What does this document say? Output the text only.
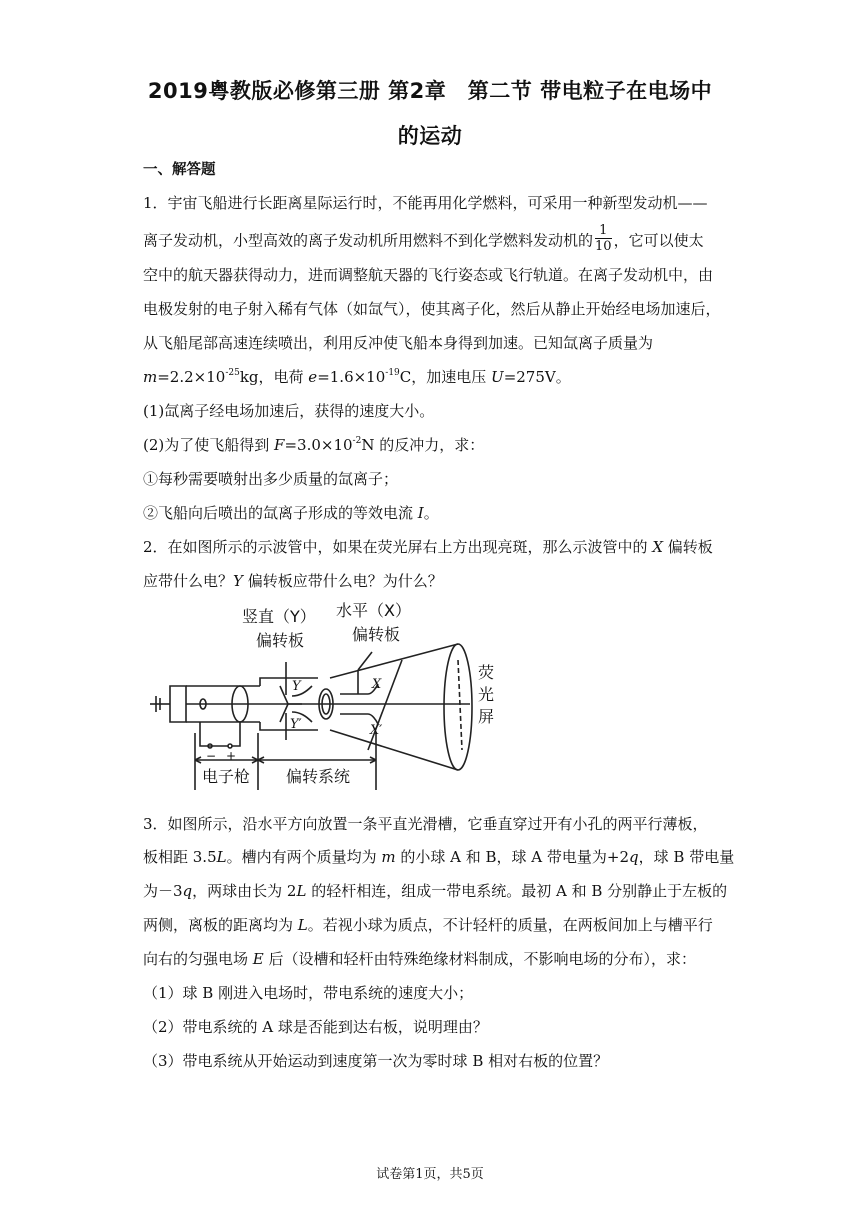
2019粤教版必修第三册 第2章　第二节 带电粒子在电场中
的运动
一、解答题
1．宇宙飞船进行长距离星际运行时，不能再用化学燃料，可采用一种新型发动机——
离子发动机，小型高效的离子发动机所用燃料不到化学燃料发动机的 $\frac{1}{10}$ ，它可以使太
空中的航天器获得动力，进而调整航天器的飞行姿态或飞行轨道。在离子发动机中，由
电极发射的电子射入稀有气体（如氙气），使其离子化，然后从静止开始经电场加速后，
从飞船尾部高速连续喷出，利用反冲使飞船本身得到加速。已知氙离子质量为
$m=2.2\times 10^{-25}kg$，电荷 $e=1.6\times 10^{-19}C$，加速电压 U=275V。
(1)氙离子经电场加速后，获得的速度大小。
(2)为了使飞船得到 $F=3.0\times 10^{-2}N$ 的反冲力，求：
①每秒需要喷射出多少质量的氙离子；
②飞船向后喷出的氙离子形成的等效电流 I。
2．在如图所示的示波管中，如果在荧光屏右上方出现亮斑，那么示波管中的 X 偏转板
应带什么电？Y 偏转板应带什么电？为什么？
竖直（Y）
偏转板
水平（X）
偏转板
荧
光
屏
电子枪 偏转系统
Y
Y′
X
X′
− +
3．如图所示，沿水平方向放置一条平直光滑槽，它垂直穿过开有小孔的两平行薄板，
板相距 3.5L。槽内有两个质量均为 m 的小球 A 和 B，球 A 带电量为+2q，球 B 带电量
为－3q，两球由长为 2L 的轻杆相连，组成一带电系统。最初 A 和 B 分别静止于左板的
两侧，离板的距离均为 L。若视小球为质点，不计轻杆的质量，在两板间加上与槽平行
向右的匀强电场 E 后（设槽和轻杆由特殊绝缘材料制成，不影响电场的分布），求：
（1）球 B 刚进入电场时，带电系统的速度大小；
（2）带电系统的 A 球是否能到达右板，说明理由？
（3）带电系统从开始运动到速度第一次为零时球 B 相对右板的位置？
试卷第1页，共5页
